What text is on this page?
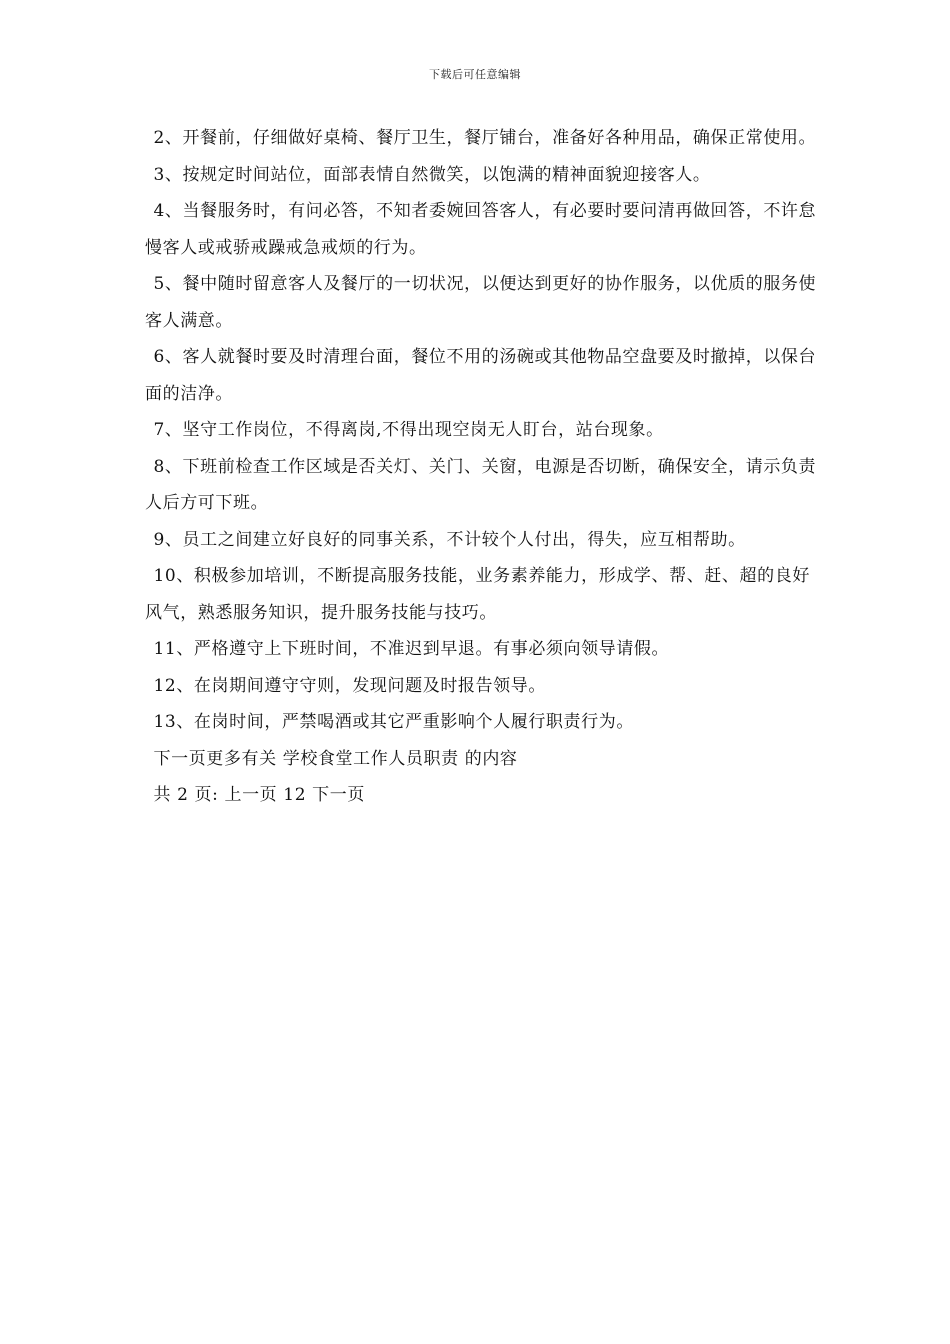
下载后可任意编辑

2、开餐前，仔细做好桌椅、餐厅卫生，餐厅铺台，准备好各种用品，确保正常使用。

3、按规定时间站位，面部表情自然微笑，以饱满的精神面貌迎接客人。

4、当餐服务时，有问必答，不知者委婉回答客人，有必要时要问清再做回答，不许怠慢客人或戒骄戒躁戒急戒烦的行为。

5、餐中随时留意客人及餐厅的一切状况，以便达到更好的协作服务，以优质的服务使客人满意。

6、客人就餐时要及时清理台面，餐位不用的汤碗或其他物品空盘要及时撤掉，以保台面的洁净。

7、坚守工作岗位，不得离岗,不得出现空岗无人盯台，站台现象。

8、下班前检查工作区域是否关灯、关门、关窗，电源是否切断，确保安全，请示负责人后方可下班。

9、员工之间建立好良好的同事关系，不计较个人付出，得失，应互相帮助。

10、积极参加培训，不断提高服务技能，业务素养能力，形成学、帮、赶、超的良好风气，熟悉服务知识，提升服务技能与技巧。

11、严格遵守上下班时间，不准迟到早退。有事必须向领导请假。

12、在岗期间遵守守则，发现问题及时报告领导。

13、在岗时间，严禁喝酒或其它严重影响个人履行职责行为。

下一页更多有关 学校食堂工作人员职责 的内容

共 2 页: 上一页 12 下一页
